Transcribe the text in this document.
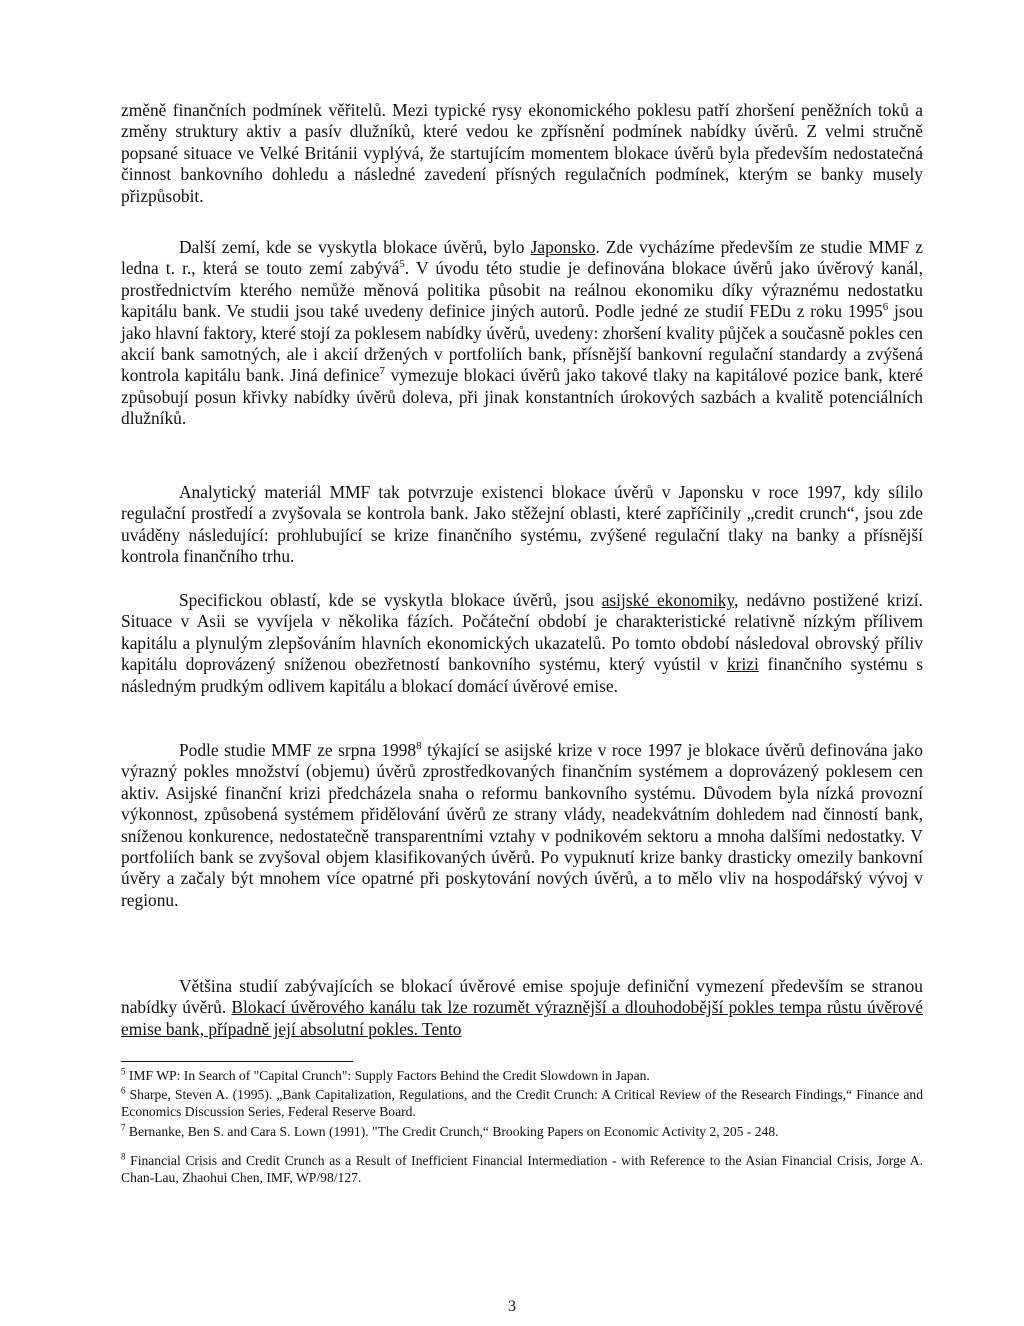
změně finančních podmínek věřitelů. Mezi typické rysy ekonomického poklesu patří zhoršení peněžních toků a změny struktury aktiv a pasív dlužníků, které vedou ke zpřísnění podmínek nabídky úvěrů. Z velmi stručně popsané situace ve Velké Británii vyplývá, že startujícím momentem blokace úvěrů byla především nedostatečná činnost bankovního dohledu a následné zavedení přísných regulačních podmínek, kterým se banky musely přizpůsobit.

Další zemí, kde se vyskytla blokace úvěrů, bylo Japonsko. Zde vycházíme především ze studie MMF z ledna t. r., která se touto zemí zabývá$^5$. V úvodu této studie je definována blokace úvěrů jako úvěrový kanál, prostřednictvím kterého nemůže měnová politika působit na reálnou ekonomiku díky výraznému nedostatku kapitálu bank. Ve studii jsou také uvedeny definice jiných autorů. Podle jedné ze studií FEDu z roku 1995$^6$ jsou jako hlavní faktory, které stojí za poklesem nabídky úvěrů, uvedeny: zhoršení kvality půjček a současně pokles cen akcií bank samotných, ale i akcií držených v portfoliích bank, přísnější bankovní regulační standardy a zvýšená kontrola kapitálu bank. Jiná definice$^7$ vymezuje blokaci úvěrů jako takové tlaky na kapitálové pozice bank, které způsobují posun křivky nabídky úvěrů doleva, při jinak konstantních úrokových sazbách a kvalitě potenciálních dlužníků.

Analytický materiál MMF tak potvrzuje existenci blokace úvěrů v Japonsku v roce 1997, kdy sílilo regulační prostředí a zvyšovala se kontrola bank. Jako stěžejní oblasti, které zapříčinily „credit crunch“, jsou zde uváděny následující: prohlubující se krize finančního systému, zvýšené regulační tlaky na banky a přísnější kontrola finančního trhu.

Specifickou oblastí, kde se vyskytla blokace úvěrů, jsou asijské ekonomiky, nedávno postižené krizí. Situace v Asii se vyvíjela v několika fázích. Počáteční období je charakteristické relativně nízkým přílivem kapitálu a plynulým zlepšováním hlavních ekonomických ukazatelů. Po tomto období následoval obrovský příliv kapitálu doprovázený sníženou obezřetností bankovního systému, který vyústil v krizi finančního systému s následným prudkým odlivem kapitálu a blokací domácí úvěrové emise.

Podle studie MMF ze srpna 1998$^8$ týkající se asijské krize v roce 1997 je blokace úvěrů definována jako výrazný pokles množství (objemu) úvěrů zprostředkovaných finančním systémem a doprovázený poklesem cen aktiv. Asijské finanční krizi předcházela snaha o reformu bankovního systému. Důvodem byla nízká provozní výkonnost, způsobená systémem přidělování úvěrů ze strany vlády, neadekvátním dohledem nad činností bank, sníženou konkurence, nedostatečně transparentními vztahy v podnikovém sektoru a mnoha dalšími nedostatky. V portfoliích bank se zvyšoval objem klasifikovaných úvěrů. Po vypuknutí krize banky drasticky omezily bankovní úvěry a začaly být mnohem více opatrné při poskytování nových úvěrů, a to mělo vliv na hospodářský vývoj v regionu.

Většina studií zabývajících se blokací úvěrové emise spojuje definiční vymezení především se stranou nabídky úvěrů. Blokací úvěrového kanálu tak lze rozumět výraznější a dlouhodobější pokles tempa růstu úvěrové emise bank, případně její absolutní pokles. Tento

$^5$ IMF WP: In Search of "Capital Crunch": Supply Factors Behind the Credit Slowdown in Japan.

$^6$ Sharpe, Steven A. (1995). „Bank Capitalization, Regulations, and the Credit Crunch: A Critical Review of the Research Findings,“ Finance and Economics Discussion Series, Federal Reserve Board.

$^7$ Bernanke, Ben S. and Cara S. Lown (1991). "The Credit Crunch,“ Brooking Papers on Economic Activity 2, 205 - 248.

$^8$ Financial Crisis and Credit Crunch as a Result of Inefficient Financial Intermediation - with Reference to the Asian Financial Crisis, Jorge A. Chan-Lau, Zhaohui Chen, IMF, WP/98/127.

3
